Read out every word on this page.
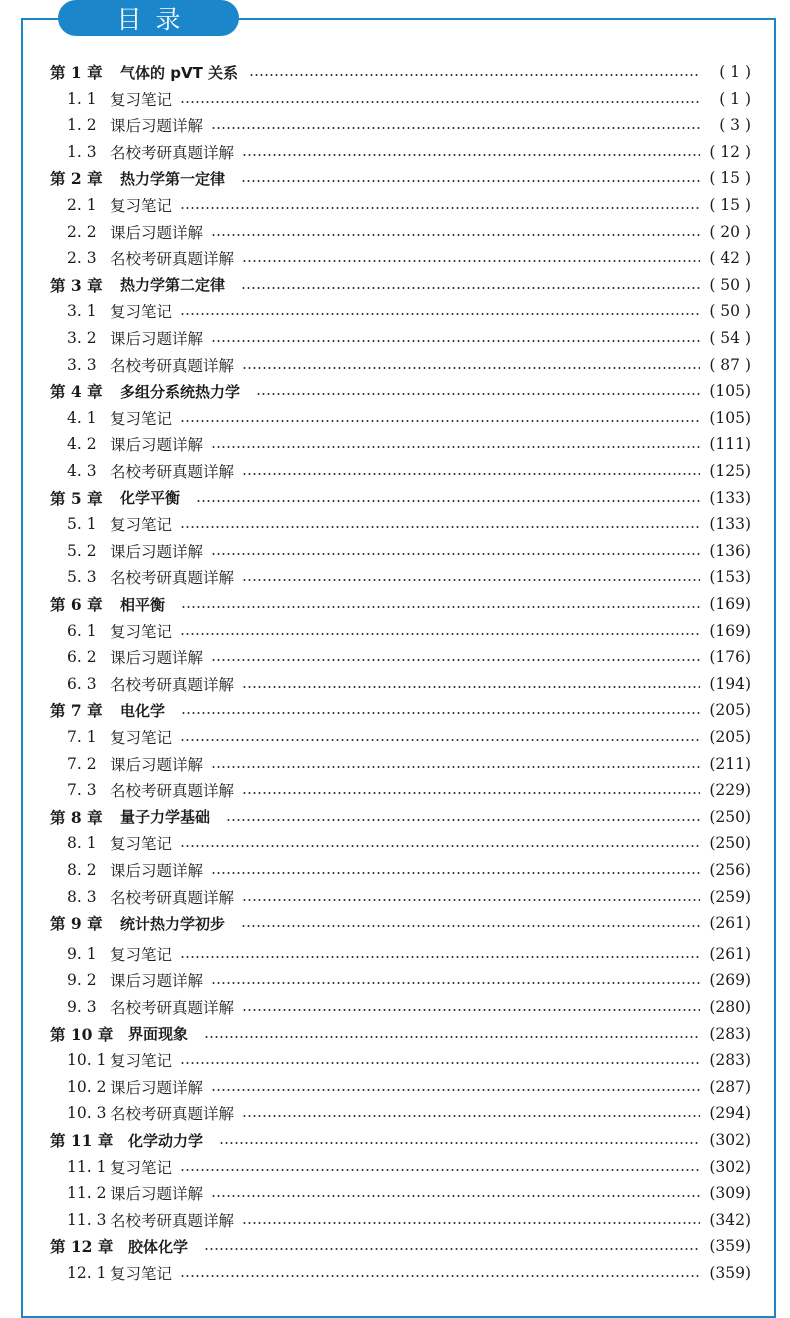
目录
第 1 章 气体的 pVT 关系	( 1 )
1. 1 复习笔记	( 1 )
1. 2 课后习题详解	( 3 )
1. 3 名校考研真题详解	( 12 )
第 2 章 热力学第一定律	( 15 )
2. 1 复习笔记	( 15 )
2. 2 课后习题详解	( 20 )
2. 3 名校考研真题详解	( 42 )
第 3 章 热力学第二定律	( 50 )
3. 1 复习笔记	( 50 )
3. 2 课后习题详解	( 54 )
3. 3 名校考研真题详解	( 87 )
第 4 章 多组分系统热力学	(105)
4. 1 复习笔记	(105)
4. 2 课后习题详解	(111)
4. 3 名校考研真题详解	(125)
第 5 章 化学平衡	(133)
5. 1 复习笔记	(133)
5. 2 课后习题详解	(136)
5. 3 名校考研真题详解	(153)
第 6 章 相平衡	(169)
6. 1 复习笔记	(169)
6. 2 课后习题详解	(176)
6. 3 名校考研真题详解	(194)
第 7 章 电化学	(205)
7. 1 复习笔记	(205)
7. 2 课后习题详解	(211)
7. 3 名校考研真题详解	(229)
第 8 章 量子力学基础	(250)
8. 1 复习笔记	(250)
8. 2 课后习题详解	(256)
8. 3 名校考研真题详解	(259)
第 9 章 统计热力学初步	(261)
9. 1 复习笔记	(261)
9. 2 课后习题详解	(269)
9. 3 名校考研真题详解	(280)
第 10 章 界面现象	(283)
10. 1 复习笔记	(283)
10. 2 课后习题详解	(287)
10. 3 名校考研真题详解	(294)
第 11 章 化学动力学	(302)
11. 1 复习笔记	(302)
11. 2 课后习题详解	(309)
11. 3 名校考研真题详解	(342)
第 12 章 胶体化学	(359)
12. 1 复习笔记	(359)
